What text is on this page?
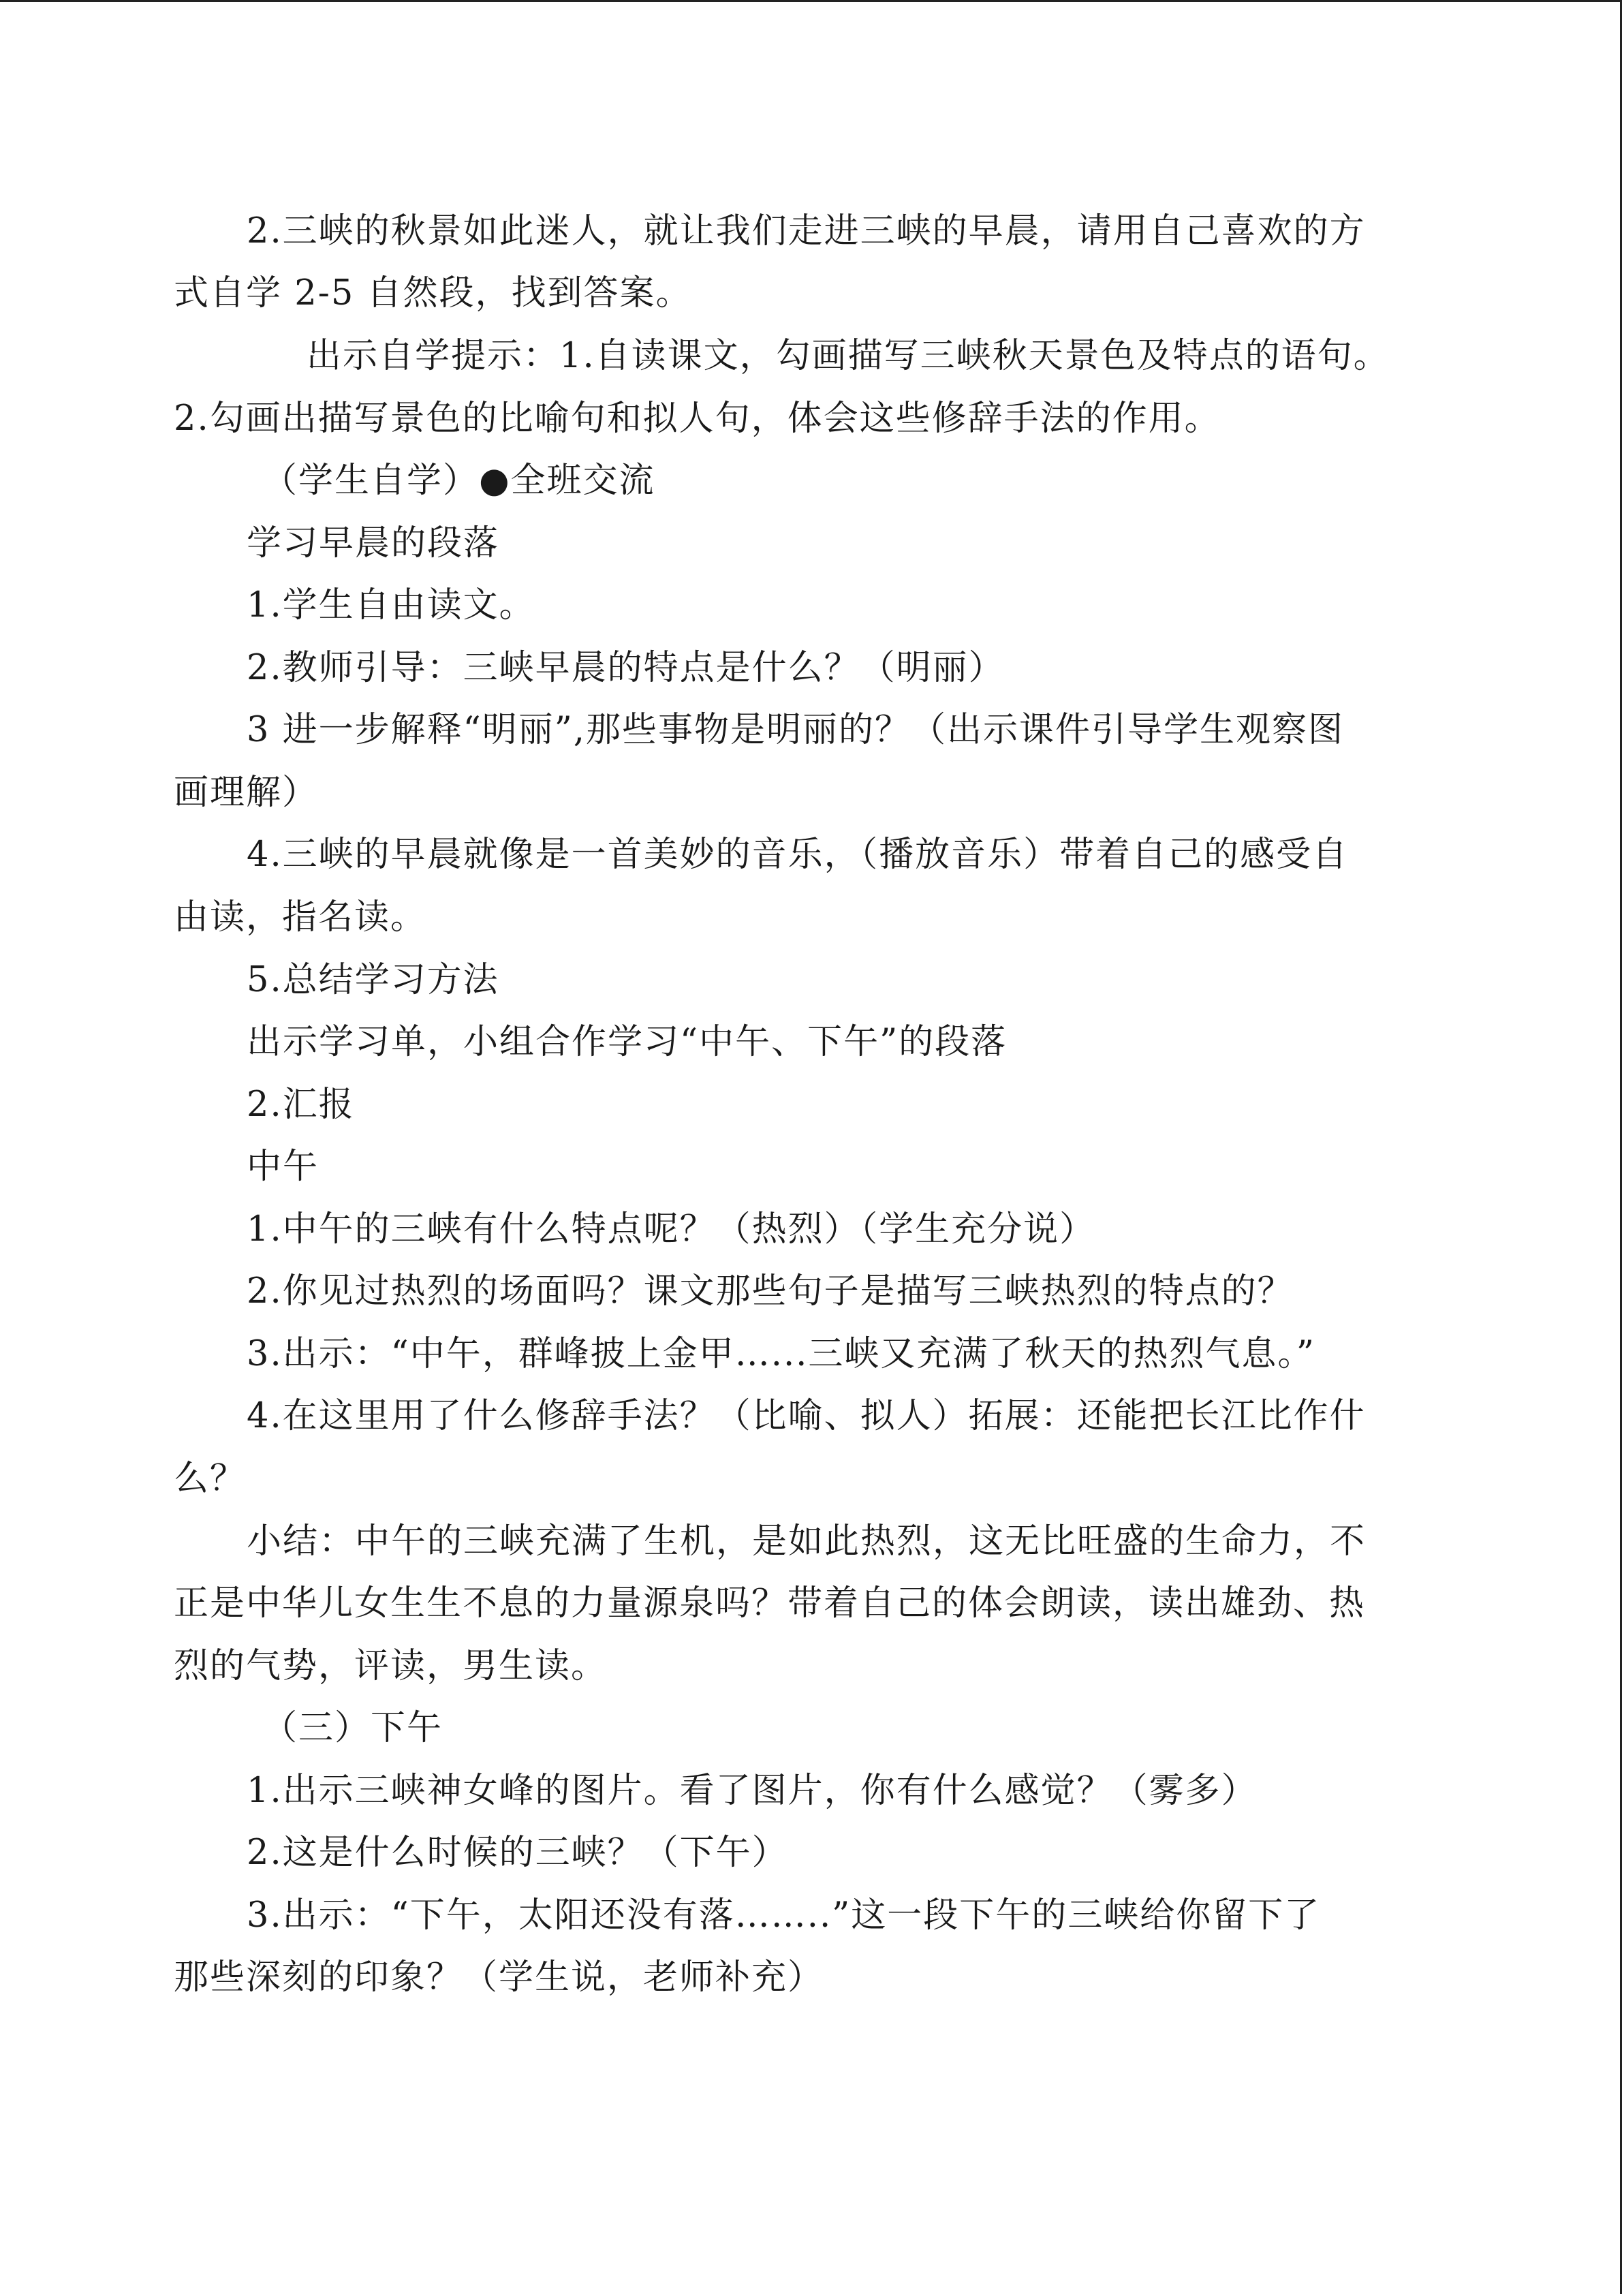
2.三峡的秋景如此迷人，就让我们走进三峡的早晨，请用自己喜欢的方
式自学 2-5 自然段，找到答案。
出示自学提示：1.自读课文，勾画描写三峡秋天景色及特点的语句。
2.勾画出描写景色的比喻句和拟人句，体会这些修辞手法的作用。
（学生自学）●全班交流
学习早晨的段落
1.学生自由读文。
2.教师引导：三峡早晨的特点是什么？（明丽）
3 进一步解释“明丽”,那些事物是明丽的？（出示课件引导学生观察图
画理解）
4.三峡的早晨就像是一首美妙的音乐，（播放音乐）带着自己的感受自
由读，指名读。
5.总结学习方法
出示学习单，小组合作学习“中午、下午”的段落
2.汇报
中午
1.中午的三峡有什么特点呢？（热烈）（学生充分说）
2.你见过热烈的场面吗？课文那些句子是描写三峡热烈的特点的？
3.出示：“中午，群峰披上金甲…...三峡又充满了秋天的热烈气息。”
4.在这里用了什么修辞手法？（比喻、拟人）拓展：还能把长江比作什
么？
小结：中午的三峡充满了生机，是如此热烈，这无比旺盛的生命力，不
正是中华儿女生生不息的力量源泉吗？带着自己的体会朗读，读出雄劲、热
烈的气势，评读，男生读。
（三）下午
1.出示三峡神女峰的图片。看了图片，你有什么感觉？（雾多）
2.这是什么时候的三峡？（下午）
3.出示：“下午，太阳还没有落……..”这一段下午的三峡给你留下了
那些深刻的印象？（学生说，老师补充）
